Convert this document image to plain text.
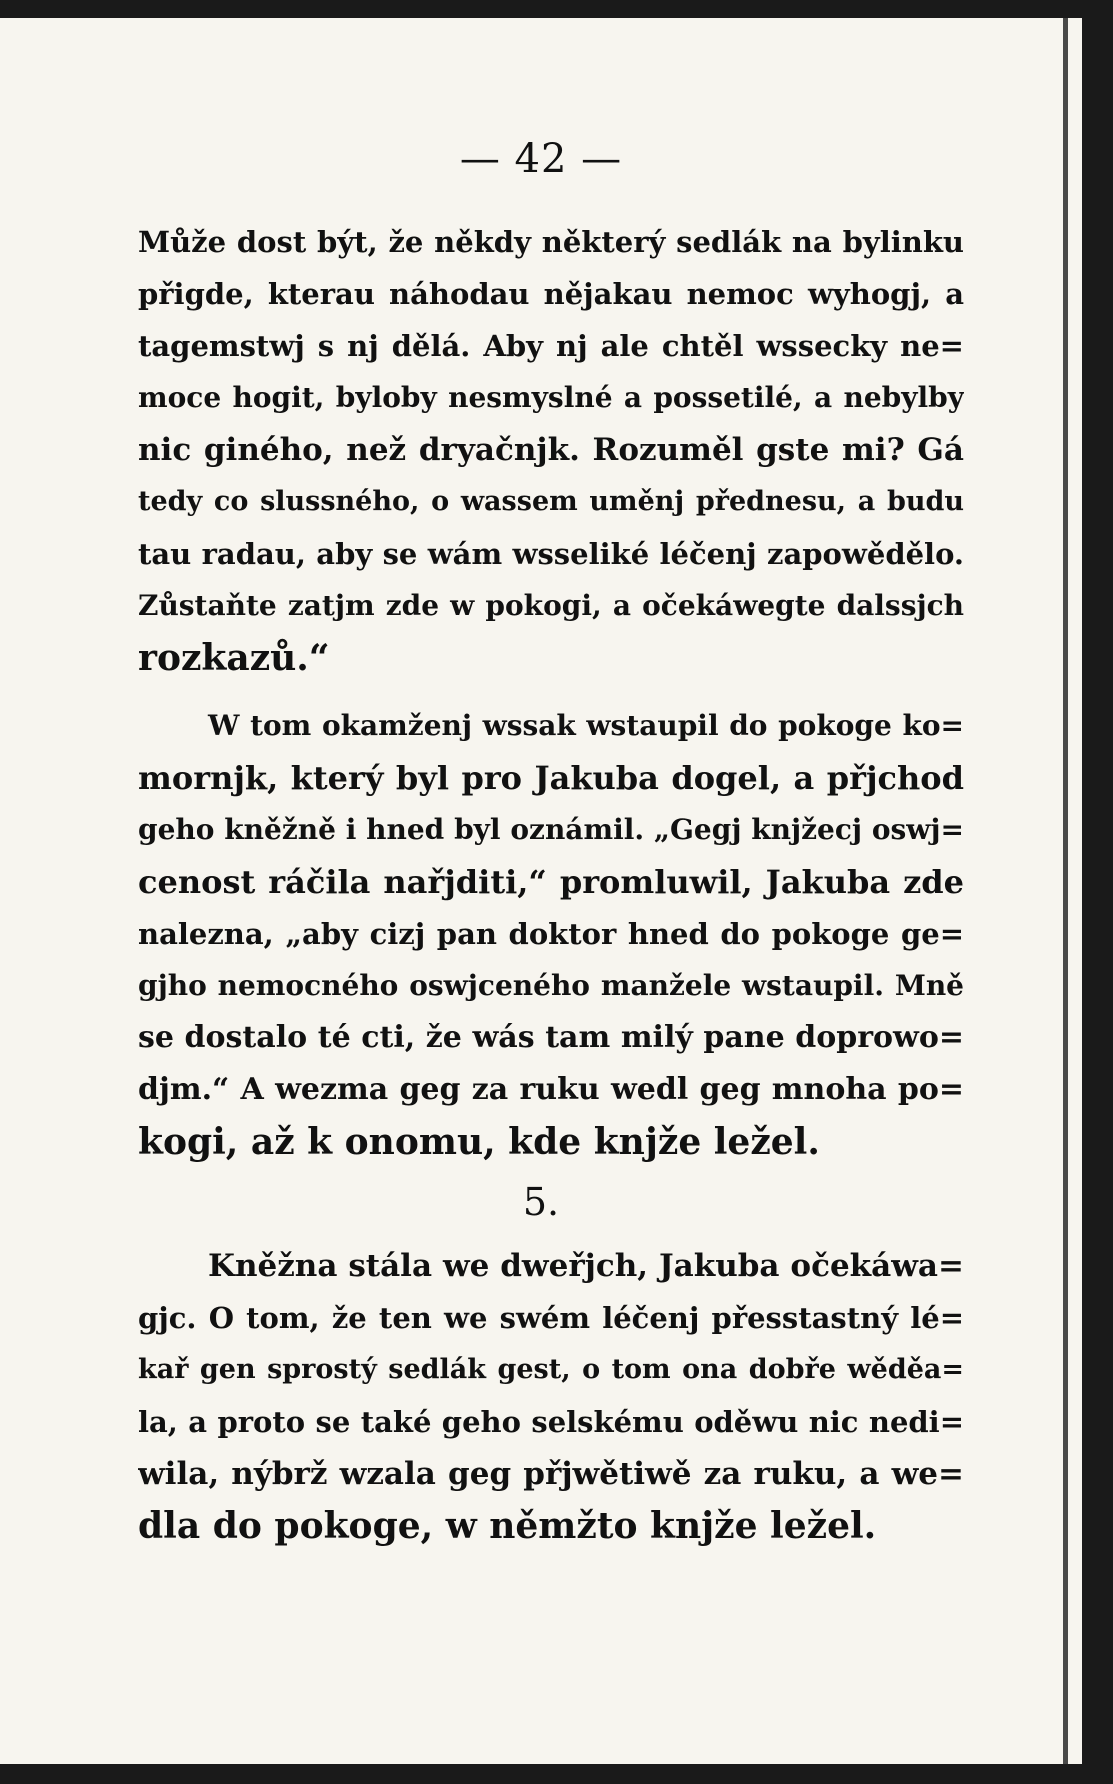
— 42 —
Může dost být, že někdy některý sedlák na bylinku
přigde, kterau náhodau nějakau nemoc wyhogj, a
tagemstwj s nj dělá. Aby nj ale chtěl wssecky ne=
moce hogit, byloby nesmyslné a possetilé, a nebylby
nic giného, než dryačnjk. Rozuměl gste mi? Gá
tedy co slussného, o wassem uměnj přednesu, a budu
tau radau, aby se wám wsseliké léčenj zapowědělo.
Zůstaňte zatjm zde w pokogi, a očekáwegte dalssjch
rozkazů.“
W tom okamženj wssak wstaupil do pokoge ko=
mornjk, který byl pro Jakuba dogel, a přjchod
geho kněžně i hned byl oznámil. „Gegj knjžecj oswj=
cenost ráčila nařjditi,“ promluwil, Jakuba zde
nalezna, „aby cizj pan doktor hned do pokoge ge=
gjho nemocného oswjceného manžele wstaupil. Mně
se dostalo té cti, že wás tam milý pane doprowo=
djm.“ A wezma geg za ruku wedl geg mnoha po=
kogi, až k onomu, kde knjže ležel.
5.
Kněžna stála we dweřjch, Jakuba očekáwa=
gjc. O tom, že ten we swém léčenj přesstastný lé=
kař gen sprostý sedlák gest, o tom ona dobře wěděa=
la, a proto se také geho selskému oděwu nic nedi=
wila, nýbrž wzala geg přjwětiwě za ruku, a we=
dla do pokoge, w němžto knjže ležel.
